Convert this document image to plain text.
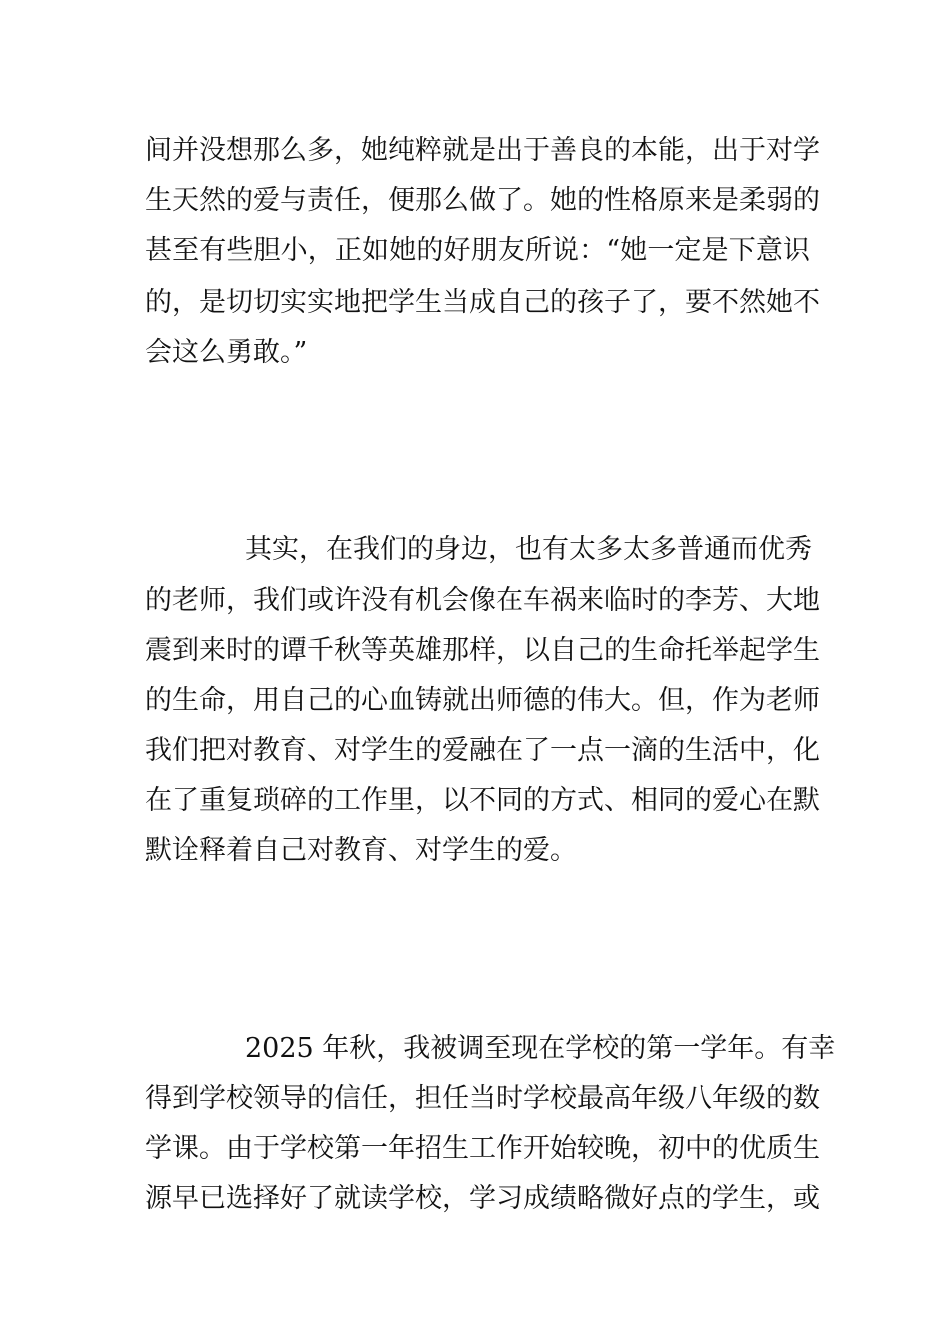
间并没想那么多，她纯粹就是出于善良的本能，出于对学
生天然的爱与责任，便那么做了。她的性格原来是柔弱的
甚至有些胆小，正如她的好朋友所说：“她一定是下意识
的，是切切实实地把学生当成自己的孩子了，要不然她不
会这么勇敢。”
其实，在我们的身边，也有太多太多普通而优秀
的老师，我们或许没有机会像在车祸来临时的李芳、大地
震到来时的谭千秋等英雄那样，以自己的生命托举起学生
的生命，用自己的心血铸就出师德的伟大。但，作为老师
我们把对教育、对学生的爱融在了一点一滴的生活中，化
在了重复琐碎的工作里，以不同的方式、相同的爱心在默
默诠释着自己对教育、对学生的爱。
2025 年秋，我被调至现在学校的第一学年。有幸
得到学校领导的信任，担任当时学校最高年级八年级的数
学课。由于学校第一年招生工作开始较晚，初中的优质生
源早已选择好了就读学校，学习成绩略微好点的学生，或
